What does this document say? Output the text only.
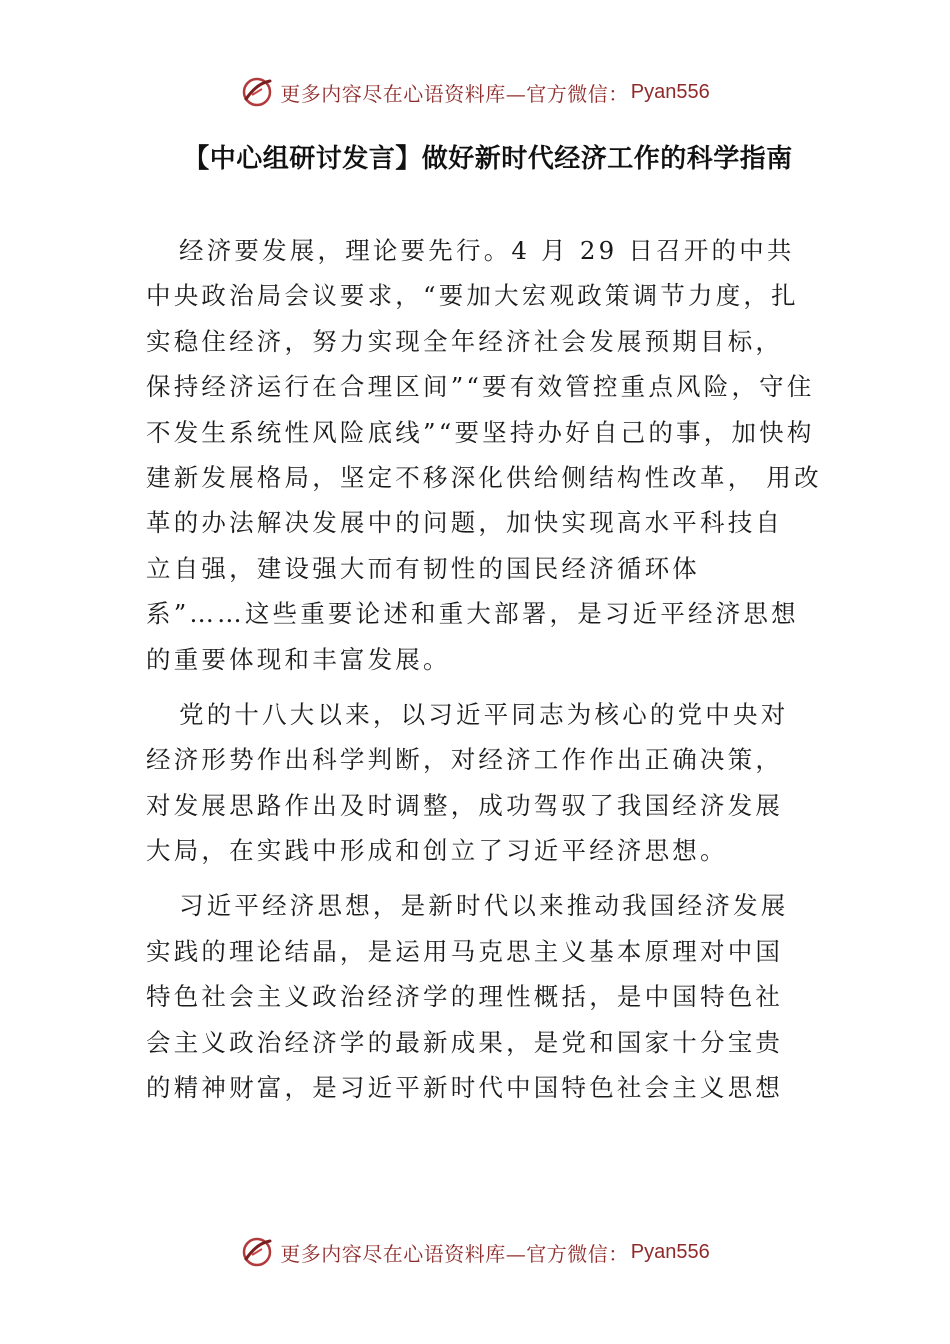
更多内容尽在心语资料库—官方微信： Pyan556
【中心组研讨发言】做好新时代经济工作的科学指南
经济要发展，理论要先行。4 月 29 日召开的中共
中央政治局会议要求，“要加大宏观政策调节力度，扎
实稳住经济，努力实现全年经济社会发展预期目标，
保持经济运行在合理区间”“要有效管控重点风险，守住
不发生系统性风险底线”“要坚持办好自己的事，加快构
建新发展格局，坚定不移深化供给侧结构性改革， 用改
革的办法解决发展中的问题，加快实现高水平科技自
立自强，建设强大而有韧性的国民经济循环体
系”……这些重要论述和重大部署，是习近平经济思想
的重要体现和丰富发展。
党的十八大以来，以习近平同志为核心的党中央对
经济形势作出科学判断，对经济工作作出正确决策，
对发展思路作出及时调整，成功驾驭了我国经济发展
大局，在实践中形成和创立了习近平经济思想。
习近平经济思想，是新时代以来推动我国经济发展
实践的理论结晶，是运用马克思主义基本原理对中国
特色社会主义政治经济学的理性概括，是中国特色社
会主义政治经济学的最新成果，是党和国家十分宝贵
的精神财富，是习近平新时代中国特色社会主义思想
更多内容尽在心语资料库—官方微信： Pyan556
